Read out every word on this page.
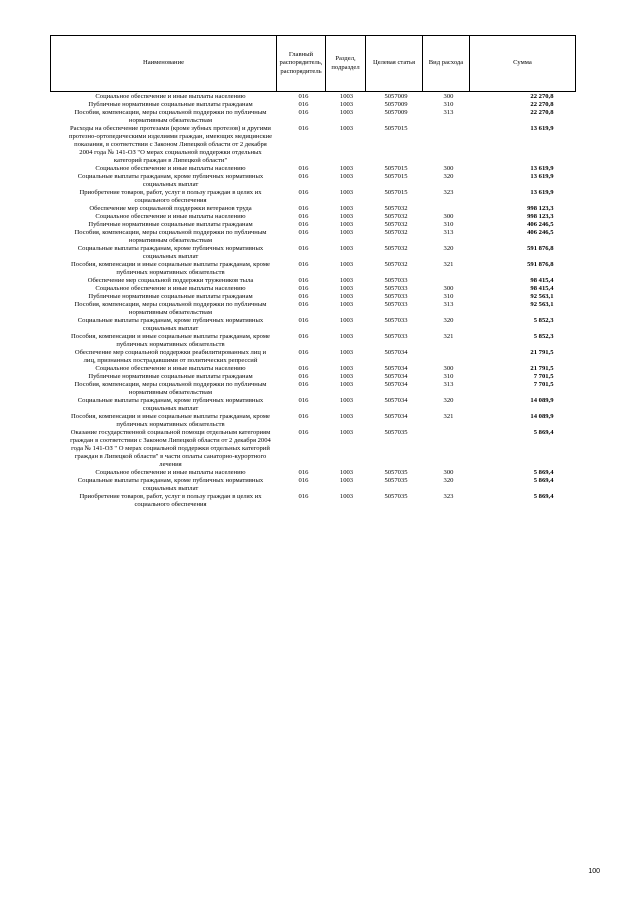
Наименование	Главный распорядитель, распорядитель	Раздел, подраздел	Целевая статья	Вид расхода	Сумма
Социальное обеспечение и иные выплаты населению	016	1003	5057009	300	22 270,8
Публичные нормативные социальные выплаты гражданам	016	1003	5057009	310	22 270,8
Пособия, компенсации, меры социальной поддержки по публичным нормативным обязательствам	016	1003	5057009	313	22 270,8
Расходы на обеспечение протезами (кроме зубных протезов) и другими протезно-ортопедическими изделиями граждан, имеющих медицинские показания, в соответствии с Законом Липецкой области от 2 декабря 2004 года № 141-ОЗ "О мерах социальной поддержки отдельных категорий граждан в Липецкой области"	016	1003	5057015		13 619,9
Социальное обеспечение и иные выплаты населению	016	1003	5057015	300	13 619,9
Социальные выплаты гражданам, кроме публичных нормативных социальных выплат	016	1003	5057015	320	13 619,9
Приобретение товаров, работ, услуг в пользу граждан в целях их социального обеспечения	016	1003	5057015	323	13 619,9
Обеспечение мер социальной поддержки ветеранов труда	016	1003	5057032		998 123,3
Социальное обеспечение и иные выплаты населению	016	1003	5057032	300	998 123,3
Публичные нормативные социальные выплаты гражданам	016	1003	5057032	310	406 246,5
Пособия, компенсации, меры социальной поддержки по публичным нормативным обязательствам	016	1003	5057032	313	406 246,5
Социальные выплаты гражданам, кроме публичных нормативных социальных выплат	016	1003	5057032	320	591 876,8
Пособия, компенсации и иные социальные выплаты гражданам, кроме публичных нормативных обязательств	016	1003	5057032	321	591 876,8
Обеспечение мер социальной поддержки тружеников тыла	016	1003	5057033		98 415,4
Социальное обеспечение и иные выплаты населению	016	1003	5057033	300	98 415,4
Публичные нормативные социальные выплаты гражданам	016	1003	5057033	310	92 563,1
Пособия, компенсации, меры социальной поддержки по публичным нормативным обязательствам	016	1003	5057033	313	92 563,1
Социальные выплаты гражданам, кроме публичных нормативных социальных выплат	016	1003	5057033	320	5 852,3
Пособия, компенсации и иные социальные выплаты гражданам, кроме публичных нормативных обязательств	016	1003	5057033	321	5 852,3
Обеспечение мер социальной поддержки реабилитированных лиц и лиц, признанных пострадавшими от политических репрессий	016	1003	5057034		21 791,5
Социальное обеспечение и иные выплаты населению	016	1003	5057034	300	21 791,5
Публичные нормативные социальные выплаты гражданам	016	1003	5057034	310	7 701,5
Пособия, компенсации, меры социальной поддержки по публичным нормативным обязательствам	016	1003	5057034	313	7 701,5
Социальные выплаты гражданам, кроме публичных нормативных социальных выплат	016	1003	5057034	320	14 089,9
Пособия, компенсации и иные социальные выплаты гражданам, кроме публичных нормативных обязательств	016	1003	5057034	321	14 089,9
Оказание государственной социальной помощи отдельным категориям граждан в соответствии с Законом Липецкой области от 2 декабря 2004 года № 141-ОЗ " О мерах социальной поддержки отдельных категорий граждан в Липецкой области" в части оплаты санаторно-курортного лечения	016	1003	5057035		5 869,4
Социальное обеспечение и иные выплаты населению	016	1003	5057035	300	5 869,4
Социальные выплаты гражданам, кроме публичных нормативных социальных выплат	016	1003	5057035	320	5 869,4
Приобретение товаров, работ, услуг в пользу граждан в целях их социального обеспечения	016	1003	5057035	323	5 869,4
100
